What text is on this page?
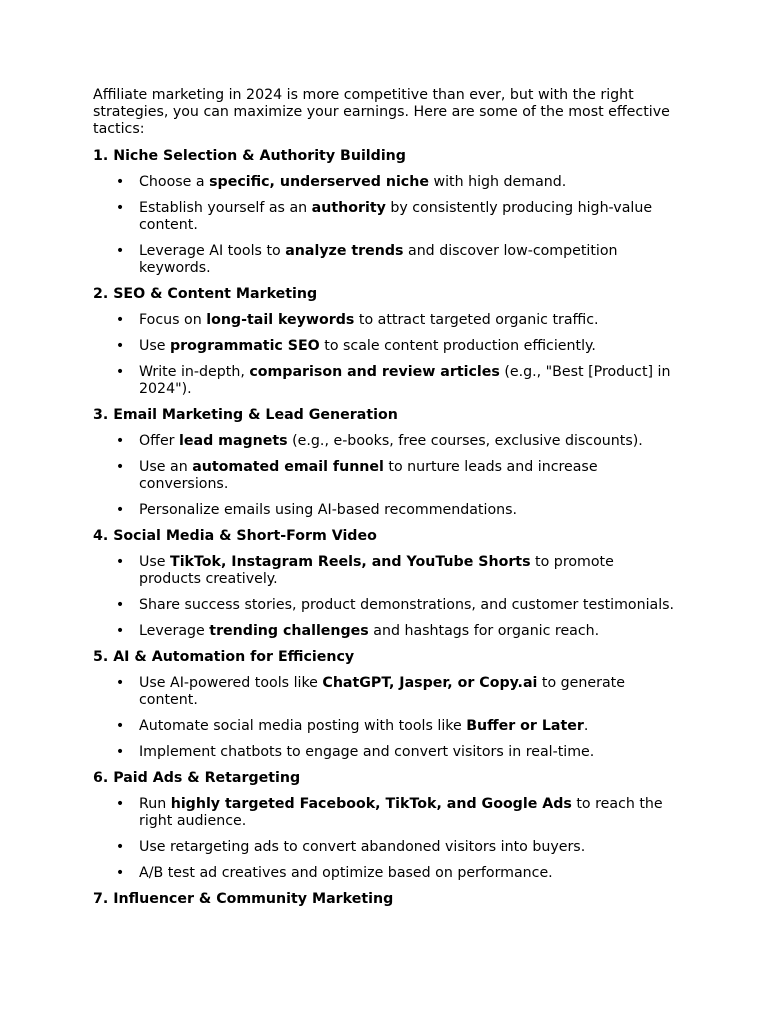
Affiliate marketing in 2024 is more competitive than ever, but with the right strategies, you can maximize your earnings. Here are some of the most effective tactics:

1. Niche Selection & Authority Building
• Choose a specific, underserved niche with high demand.
• Establish yourself as an authority by consistently producing high-value content.
• Leverage AI tools to analyze trends and discover low-competition keywords.
2. SEO & Content Marketing
• Focus on long-tail keywords to attract targeted organic traffic.
• Use programmatic SEO to scale content production efficiently.
• Write in-depth, comparison and review articles (e.g., "Best [Product] in 2024").
3. Email Marketing & Lead Generation
• Offer lead magnets (e.g., e-books, free courses, exclusive discounts).
• Use an automated email funnel to nurture leads and increase conversions.
• Personalize emails using AI-based recommendations.
4. Social Media & Short-Form Video
• Use TikTok, Instagram Reels, and YouTube Shorts to promote products creatively.
• Share success stories, product demonstrations, and customer testimonials.
• Leverage trending challenges and hashtags for organic reach.
5. AI & Automation for Efficiency
• Use AI-powered tools like ChatGPT, Jasper, or Copy.ai to generate content.
• Automate social media posting with tools like Buffer or Later.
• Implement chatbots to engage and convert visitors in real-time.
6. Paid Ads & Retargeting
• Run highly targeted Facebook, TikTok, and Google Ads to reach the right audience.
• Use retargeting ads to convert abandoned visitors into buyers.
• A/B test ad creatives and optimize based on performance.
7. Influencer & Community Marketing
